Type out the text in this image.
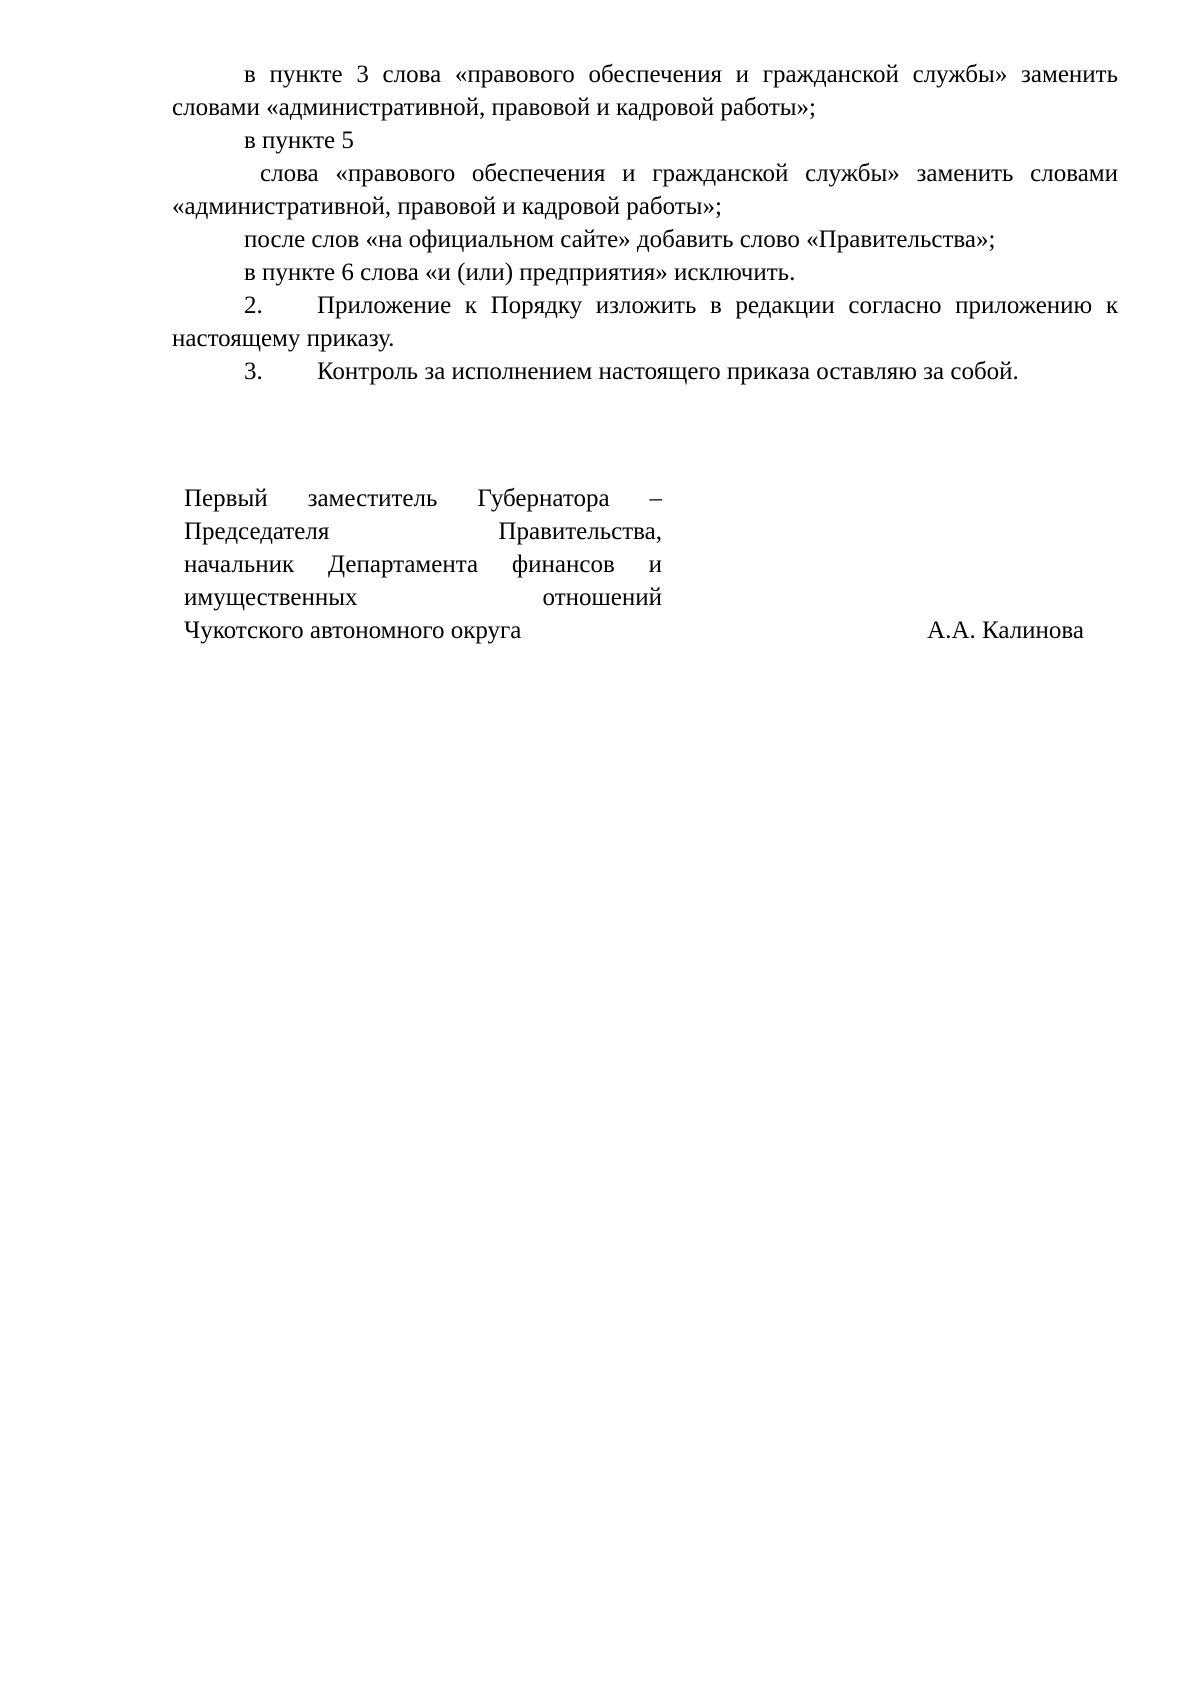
в пункте 3 слова «правового обеспечения и гражданской службы» заменить словами «административной, правовой и кадровой работы»;

в пункте 5

слова «правового обеспечения и гражданской службы» заменить словами «административной, правовой и кадровой работы»;

после слов «на официальном сайте» добавить слово «Правительства»;

в пункте 6 слова «и (или) предприятия» исключить.

2. Приложение к Порядку изложить в редакции согласно приложению к настоящему приказу.

3. Контроль за исполнением настоящего приказа оставляю за собой.

Первый заместитель Губернатора –

Председателя Правительства,

начальник Департамента финансов и

имущественных отношений

Чукотского автономного округа	А.А. Калинова
